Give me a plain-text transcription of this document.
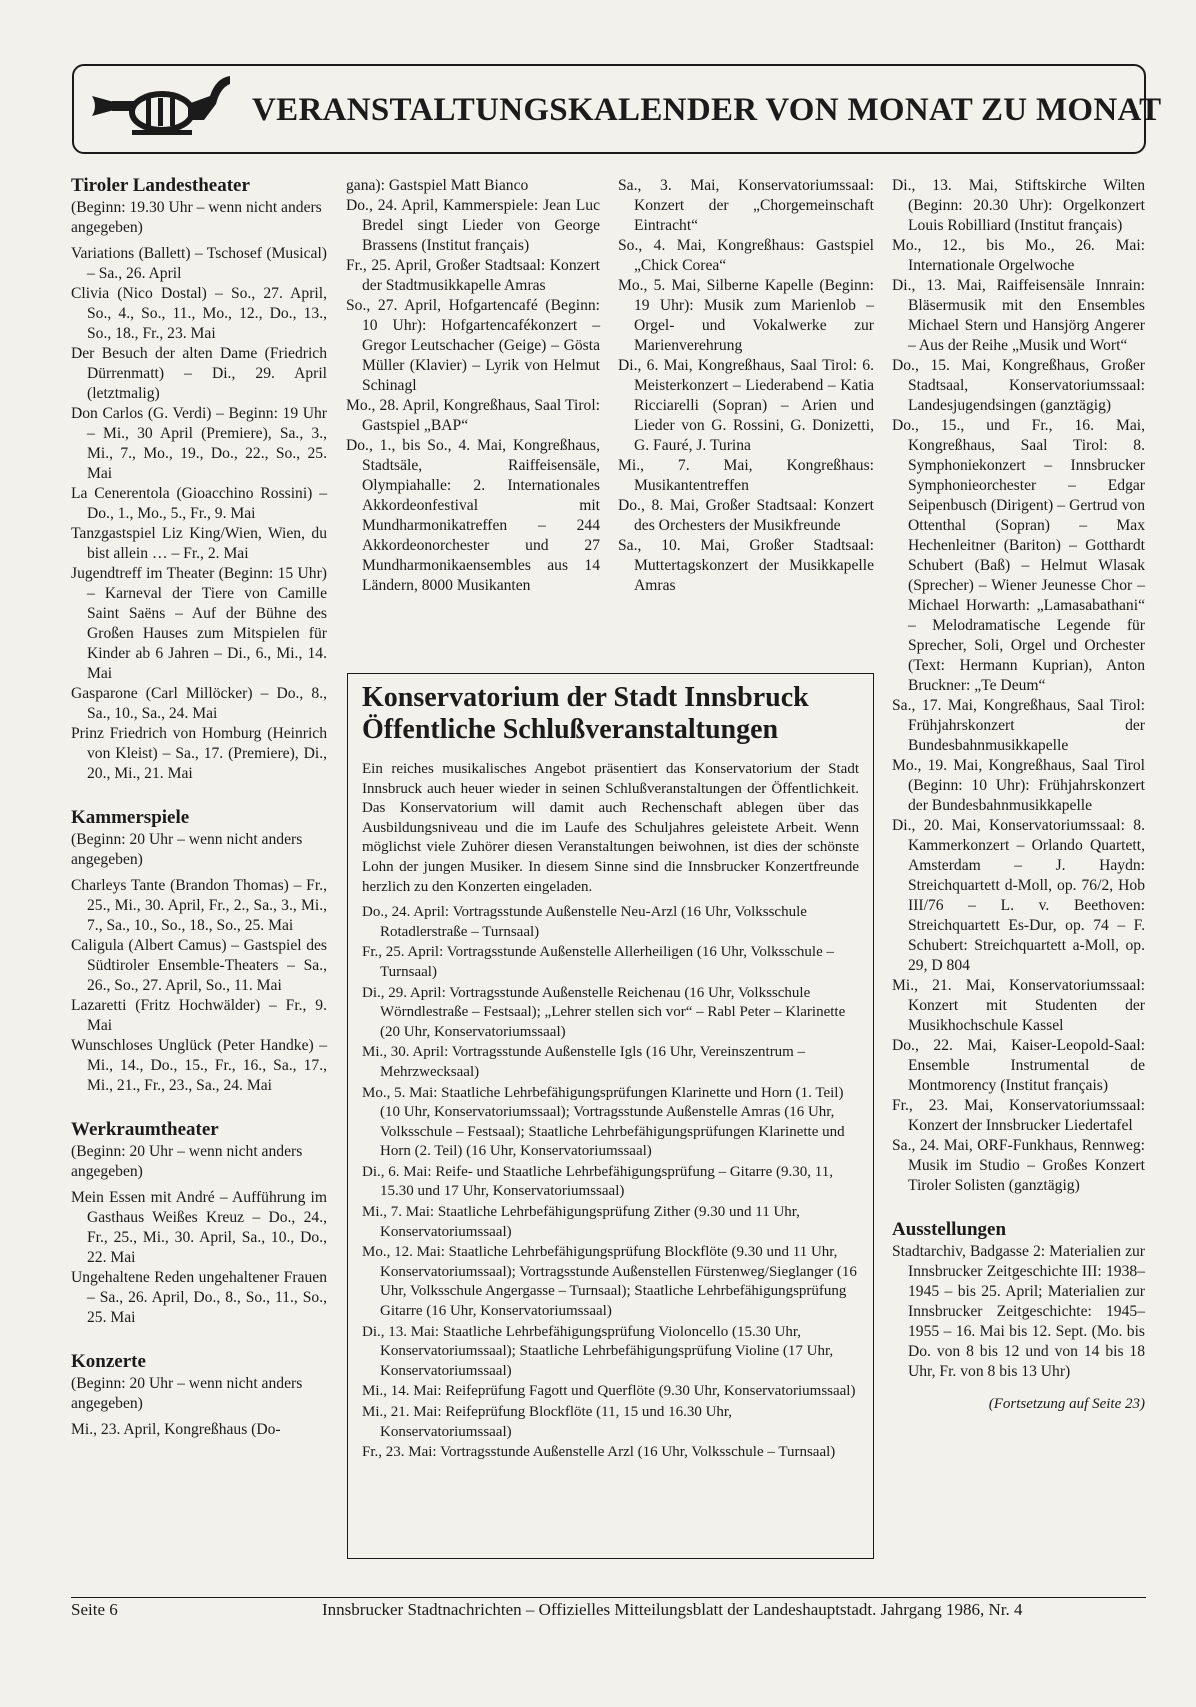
VERANSTALTUNGSKALENDER VON MONAT ZU MONAT
Tiroler Landestheater

(Beginn: 19.30 Uhr – wenn nicht anders angegeben)

Variations (Ballett) – Tschosef (Musical) – Sa., 26. April

Clivia (Nico Dostal) – So., 27. April, So., 4., So., 11., Mo., 12., Do., 13., So., 18., Fr., 23. Mai

Der Besuch der alten Dame (Friedrich Dürrenmatt) – Di., 29. April (letztmalig)

Don Carlos (G. Verdi) – Beginn: 19 Uhr – Mi., 30 April (Premiere), Sa., 3., Mi., 7., Mo., 19., Do., 22., So., 25. Mai

La Cenerentola (Gioacchino Rossini) – Do., 1., Mo., 5., Fr., 9. Mai

Tanzgastspiel Liz King/Wien, Wien, du bist allein … – Fr., 2. Mai

Jugendtreff im Theater (Beginn: 15 Uhr) – Karneval der Tiere von Camille Saint Saëns – Auf der Bühne des Großen Hauses zum Mitspielen für Kinder ab 6 Jahren – Di., 6., Mi., 14. Mai

Gasparone (Carl Millöcker) – Do., 8., Sa., 10., Sa., 24. Mai

Prinz Friedrich von Homburg (Heinrich von Kleist) – Sa., 17. (Premiere), Di., 20., Mi., 21. Mai

Kammerspiele

(Beginn: 20 Uhr – wenn nicht anders angegeben)

Charleys Tante (Brandon Thomas) – Fr., 25., Mi., 30. April, Fr., 2., Sa., 3., Mi., 7., Sa., 10., So., 18., So., 25. Mai

Caligula (Albert Camus) – Gastspiel des Südtiroler Ensemble-Theaters – Sa., 26., So., 27. April, So., 11. Mai

Lazaretti (Fritz Hochwälder) – Fr., 9. Mai

Wunschloses Unglück (Peter Handke) – Mi., 14., Do., 15., Fr., 16., Sa., 17., Mi., 21., Fr., 23., Sa., 24. Mai

Werkraumtheater

(Beginn: 20 Uhr – wenn nicht anders angegeben)

Mein Essen mit André – Aufführung im Gasthaus Weißes Kreuz – Do., 24., Fr., 25., Mi., 30. April, Sa., 10., Do., 22. Mai

Ungehaltene Reden ungehaltener Frauen – Sa., 26. April, Do., 8., So., 11., So., 25. Mai

Konzerte

(Beginn: 20 Uhr – wenn nicht anders angegeben)

Mi., 23. April, Kongreßhaus (Do-

gana): Gastspiel Matt Bianco

Do., 24. April, Kammerspiele: Jean Luc Bredel singt Lieder von George Brassens (Institut français)

Fr., 25. April, Großer Stadtsaal: Konzert der Stadtmusikkapelle Amras

So., 27. April, Hofgartencafé (Beginn: 10 Uhr): Hofgartencafékonzert – Gregor Leutschacher (Geige) – Gösta Müller (Klavier) – Lyrik von Helmut Schinagl

Mo., 28. April, Kongreßhaus, Saal Tirol: Gastspiel „BAP“

Do., 1., bis So., 4. Mai, Kongreßhaus, Stadtsäle, Raiffeisensäle, Olympiahalle: 2. Internationales Akkordeonfestival mit Mundharmonikatreffen – 244 Akkordeonorchester und 27 Mundharmonikaensembles aus 14 Ländern, 8000 Musikanten

Sa., 3. Mai, Konservatoriumssaal: Konzert der „Chorgemeinschaft Eintracht“

So., 4. Mai, Kongreßhaus: Gastspiel „Chick Corea“

Mo., 5. Mai, Silberne Kapelle (Beginn: 19 Uhr): Musik zum Marienlob – Orgel- und Vokalwerke zur Marienverehrung

Di., 6. Mai, Kongreßhaus, Saal Tirol: 6. Meisterkonzert – Liederabend – Katia Ricciarelli (Sopran) – Arien und Lieder von G. Rossini, G. Donizetti, G. Fauré, J. Turina

Mi., 7. Mai, Kongreßhaus: Musikantentreffen

Do., 8. Mai, Großer Stadtsaal: Konzert des Orchesters der Musikfreunde

Sa., 10. Mai, Großer Stadtsaal: Muttertagskonzert der Musikkapelle Amras

Di., 13. Mai, Stiftskirche Wilten (Beginn: 20.30 Uhr): Orgelkonzert Louis Robilliard (Institut français)

Mo., 12., bis Mo., 26. Mai: Internationale Orgelwoche

Di., 13. Mai, Raiffeisensäle Innrain: Bläsermusik mit den Ensembles Michael Stern und Hansjörg Angerer – Aus der Reihe „Musik und Wort“

Do., 15. Mai, Kongreßhaus, Großer Stadtsaal, Konservatoriumssaal: Landesjugendsingen (ganztägig)

Do., 15., und Fr., 16. Mai, Kongreßhaus, Saal Tirol: 8. Symphoniekonzert – Innsbrucker Symphonieorchester – Edgar Seipenbusch (Dirigent) – Gertrud von Ottenthal (Sopran) – Max Hechenleitner (Bariton) – Gotthardt Schubert (Baß) – Helmut Wlasak (Sprecher) – Wiener Jeunesse Chor – Michael Horwarth: „Lamasabathani“ – Melodramatische Legende für Sprecher, Soli, Orgel und Orchester (Text: Hermann Kuprian), Anton Bruckner: „Te Deum“

Sa., 17. Mai, Kongreßhaus, Saal Tirol: Frühjahrskonzert der Bundesbahnmusikkapelle

Mo., 19. Mai, Kongreßhaus, Saal Tirol (Beginn: 10 Uhr): Frühjahrskonzert der Bundesbahnmusikkapelle

Di., 20. Mai, Konservatoriumssaal: 8. Kammerkonzert – Orlando Quartett, Amsterdam – J. Haydn: Streichquartett d-Moll, op. 76/2, Hob III/76 – L. v. Beethoven: Streichquartett Es-Dur, op. 74 – F. Schubert: Streichquartett a-Moll, op. 29, D 804

Mi., 21. Mai, Konservatoriumssaal: Konzert mit Studenten der Musikhochschule Kassel

Do., 22. Mai, Kaiser-Leopold-Saal: Ensemble Instrumental de Montmorency (Institut français)

Fr., 23. Mai, Konservatoriumssaal: Konzert der Innsbrucker Liedertafel

Sa., 24. Mai, ORF-Funkhaus, Rennweg: Musik im Studio – Großes Konzert Tiroler Solisten (ganztägig)

Ausstellungen

Stadtarchiv, Badgasse 2: Materialien zur Innsbrucker Zeitgeschichte III: 1938–1945 – bis 25. April; Materialien zur Innsbrucker Zeitgeschichte: 1945–1955 – 16. Mai bis 12. Sept. (Mo. bis Do. von 8 bis 12 und von 14 bis 18 Uhr, Fr. von 8 bis 13 Uhr)

(Fortsetzung auf Seite 23)
Konservatorium der Stadt Innsbruck
Öffentliche Schlußveranstaltungen
Ein reiches musikalisches Angebot präsentiert das Konservatorium der Stadt Innsbruck auch heuer wieder in seinen Schlußveranstaltungen der Öffentlichkeit. Das Konservatorium will damit auch Rechenschaft ablegen über das Ausbildungsniveau und die im Laufe des Schuljahres geleistete Arbeit. Wenn möglichst viele Zuhörer diesen Veranstaltungen beiwohnen, ist dies der schönste Lohn der jungen Musiker. In diesem Sinne sind die Innsbrucker Konzertfreunde herzlich zu den Konzerten eingeladen.
Do., 24. April: Vortragsstunde Außenstelle Neu-Arzl (16 Uhr, Volksschule Rotadlerstraße – Turnsaal)
Fr., 25. April: Vortragsstunde Außenstelle Allerheiligen (16 Uhr, Volksschule – Turnsaal)
Di., 29. April: Vortragsstunde Außenstelle Reichenau (16 Uhr, Volksschule Wörndlestraße – Festsaal); „Lehrer stellen sich vor“ – Rabl Peter – Klarinette (20 Uhr, Konservatoriumssaal)
Mi., 30. April: Vortragsstunde Außenstelle Igls (16 Uhr, Vereinszentrum – Mehrzwecksaal)
Mo., 5. Mai: Staatliche Lehrbefähigungsprüfungen Klarinette und Horn (1. Teil) (10 Uhr, Konservatoriumssaal); Vortragsstunde Außenstelle Amras (16 Uhr, Volksschule – Festsaal); Staatliche Lehrbefähigungsprüfungen Klarinette und Horn (2. Teil) (16 Uhr, Konservatoriumssaal)
Di., 6. Mai: Reife- und Staatliche Lehrbefähigungsprüfung – Gitarre (9.30, 11, 15.30 und 17 Uhr, Konservatoriumssaal)
Mi., 7. Mai: Staatliche Lehrbefähigungsprüfung Zither (9.30 und 11 Uhr, Konservatoriumssaal)
Mo., 12. Mai: Staatliche Lehrbefähigungsprüfung Blockflöte (9.30 und 11 Uhr, Konservatoriumssaal); Vortragsstunde Außenstellen Fürstenweg/Sieglanger (16 Uhr, Volksschule Angergasse – Turnsaal); Staatliche Lehrbefähigungsprüfung Gitarre (16 Uhr, Konservatoriumssaal)
Di., 13. Mai: Staatliche Lehrbefähigungsprüfung Violoncello (15.30 Uhr, Konservatoriumssaal); Staatliche Lehrbefähigungsprüfung Violine (17 Uhr, Konservatoriumssaal)
Mi., 14. Mai: Reifeprüfung Fagott und Querflöte (9.30 Uhr, Konservatoriumssaal)
Mi., 21. Mai: Reifeprüfung Blockflöte (11, 15 und 16.30 Uhr, Konservatoriumssaal)
Fr., 23. Mai: Vortragsstunde Außenstelle Arzl (16 Uhr, Volksschule – Turnsaal)
Seite 6	Innsbrucker Stadtnachrichten – Offizielles Mitteilungsblatt der Landeshauptstadt. Jahrgang 1986, Nr. 4
